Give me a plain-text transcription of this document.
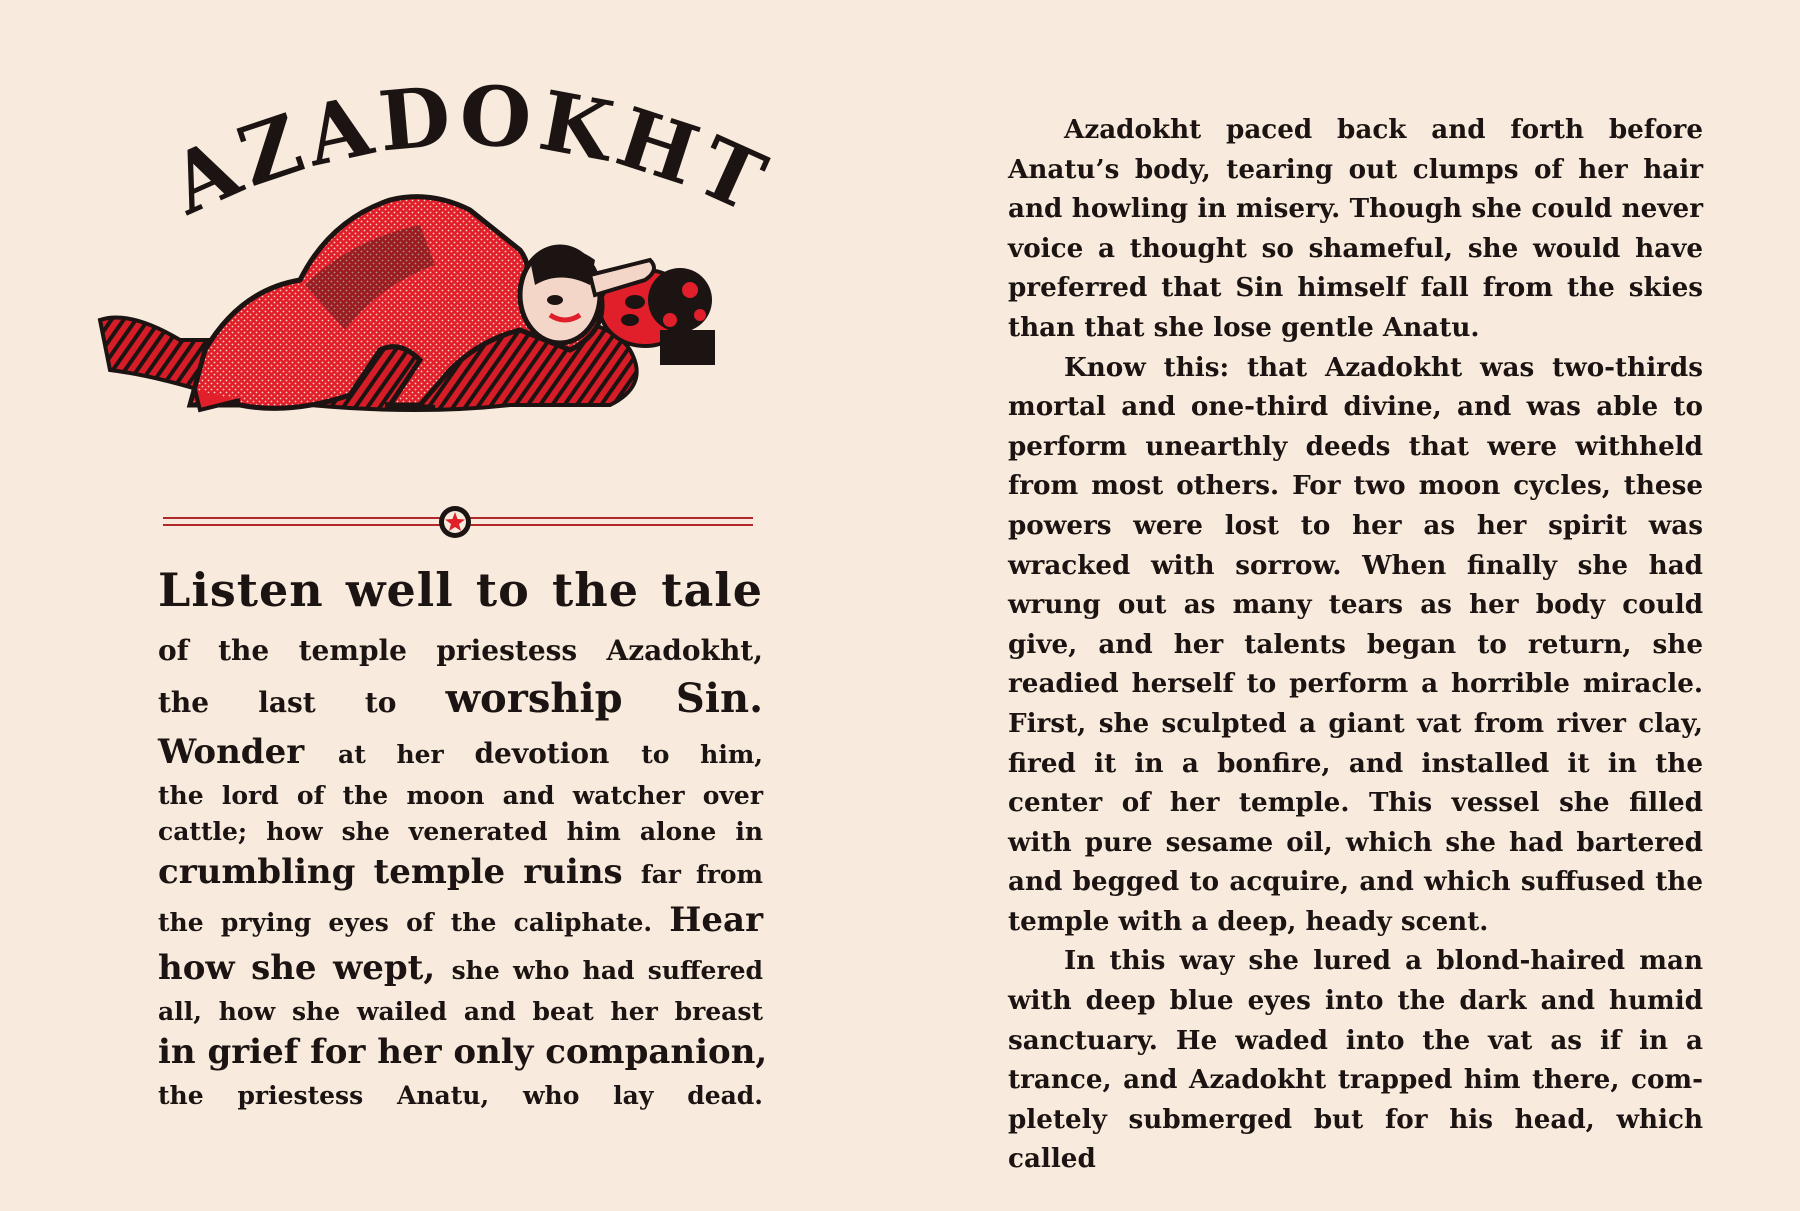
AZADOKHT
Listen well to the tale
of the temple priestess Azadokht,
the last to worship Sin.
Wonder at her devotion to him,
the lord of the moon and watcher over
cattle; how she venerated him alone in
crumbling temple ruins far from
the prying eyes of the caliphate. Hear
how she wept, she who had suffered
all, how she wailed and beat her breast
in grief for her only companion,
the priestess Anatu, who lay dead.

Azadokht paced back and forth before Anatu’s body, tearing out clumps of her hair and howling in misery. Though she could never voice a thought so shameful, she would have preferred that Sin himself fall from the skies than that she lose gentle Anatu.

Know this: that Azadokht was two-thirds mortal and one-third divine, and was able to perform unearthly deeds that were withheld from most others. For two moon cycles, these powers were lost to her as her spirit was wracked with sorrow. When finally she had wrung out as many tears as her body could give, and her talents began to return, she readied herself to perform a horrible miracle. First, she sculpted a giant vat from river clay, fired it in a bonfire, and installed it in the center of her temple. This vessel she filled with pure sesame oil, which she had bartered and begged to acquire, and which suffused the temple with a deep, heady scent.

In this way she lured a blond-haired man with deep blue eyes into the dark and humid sanctuary. He waded into the vat as if in a trance, and Azadokht trapped him there, completely submerged but for his head, which called
